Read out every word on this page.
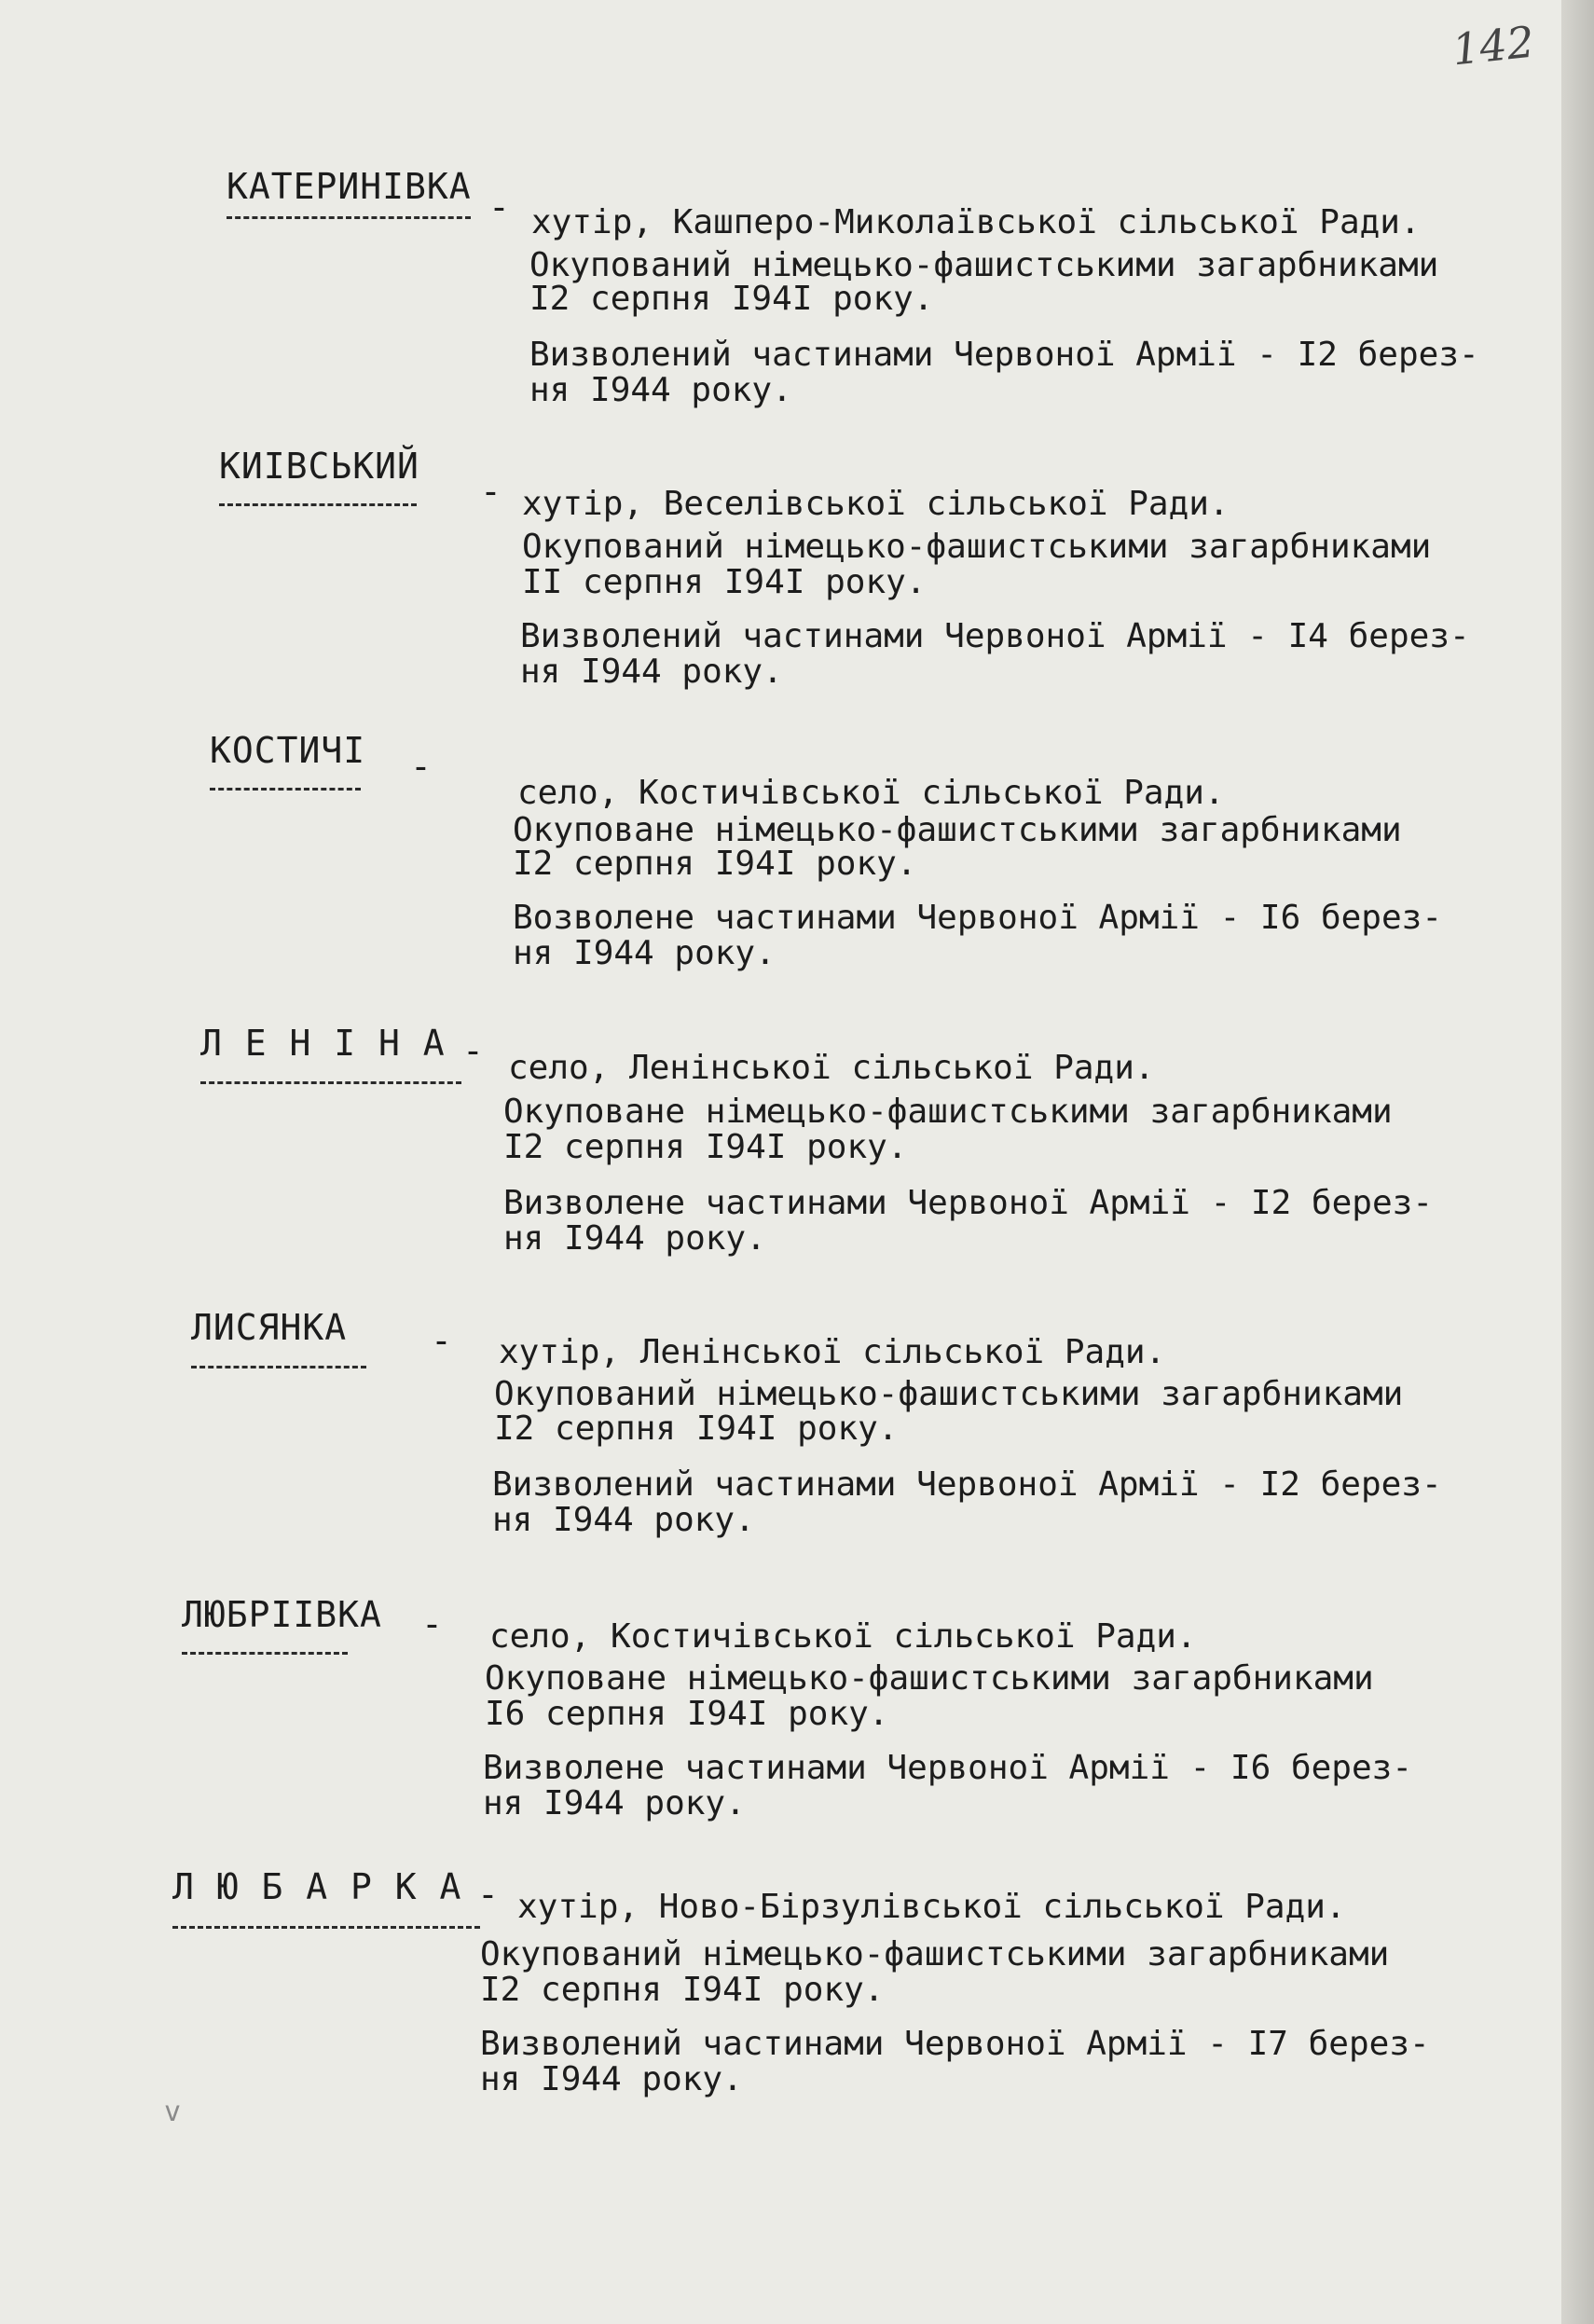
142
КАТЕРИНІВКА - хутір, Кашперо-Миколаївської сільської Ради.
Окупований німецько-фашистськими загарбниками
І2 серпня І94І року.
Визволений частинами Червоної Армії - І2 берез-
ня І944 року.
КИІВСЬКИЙ
- хутір, Веселівської сільської Ради.
Окупований німецько-фашистськими загарбниками
ІІ серпня І94І року.
Визволений частинами Червоної Армії - І4 берез-
ня І944 року.
КОСТИЧІ -
село, Костичівської сільської Ради.
Окуповане німецько-фашистськими загарбниками
І2 серпня І94І року.
Возволене частинами Червоної Армії - І6 берез-
ня І944 року.
Л Е Н І Н А - село, Ленінської сільської Ради.
Окуповане німецько-фашистськими загарбниками
І2 серпня І94І року.
Визволене частинами Червоної Армії - І2 берез-
ня І944 року.
ЛИСЯНКА - хутір, Ленінської сільської Ради.
Окупований німецько-фашистськими загарбниками
І2 серпня І94І року.
Визволений частинами Червоної Армії - І2 берез-
ня І944 року.
ЛЮБРІІВКА - село, Костичівської сільської Ради.
Окуповане німецько-фашистськими загарбниками
І6 серпня І94І року.
Визволене частинами Червоної Армії - І6 берез-
ня І944 року.
Л Ю Б А Р К А - хутір, Ново-Бірзулівської сільської Ради.
Окупований німецько-фашистськими загарбниками
І2 серпня І94І року.
Визволений частинами Червоної Армії - І7 берез-
ня І944 року.
v
